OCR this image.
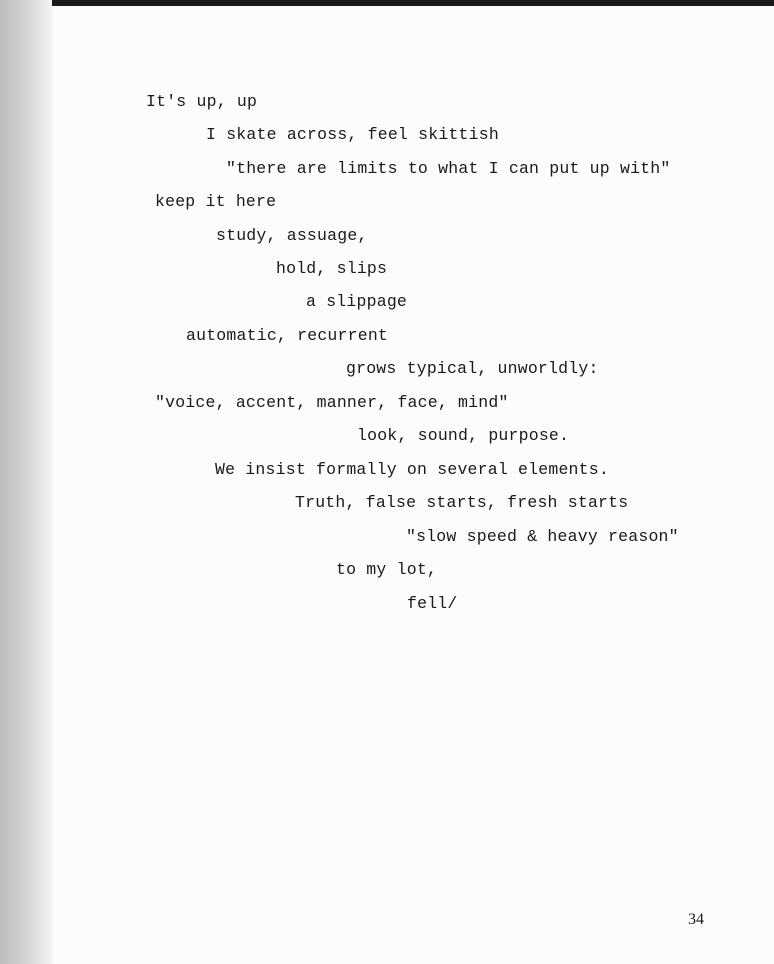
It's up, up
I skate across, feel skittish
"there are limits to what I can put up with"
keep it here
study, assuage,
hold, slips
a slippage
automatic, recurrent
grows typical, unworldly:
"voice, accent, manner, face, mind"
look, sound, purpose.
We insist formally on several elements.
Truth, false starts, fresh starts
"slow speed & heavy reason"
to my lot,
fell/
34
